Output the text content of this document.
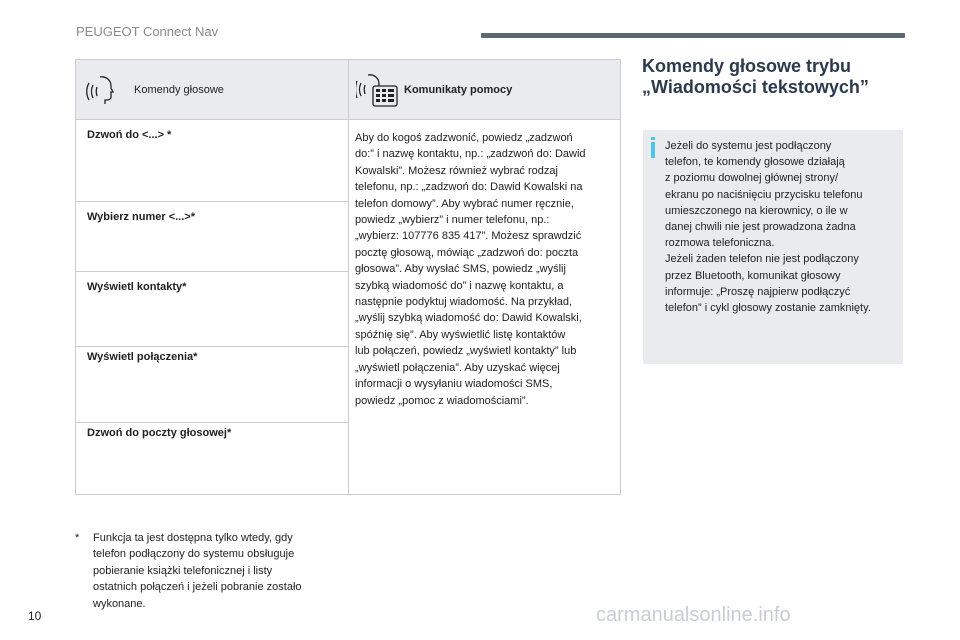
PEUGEOT Connect Nav
Komendy głosowe	Komunikaty pomocy
Dzwoń do <...> *
Wybierz numer <...>*
Wyświetl kontakty*
Wyświetl połączenia*
Dzwoń do poczty głosowej*
Aby do kogoś zadzwonić, powiedz „zadzwoń
do:” i nazwę kontaktu, np.: „zadzwoń do: Dawid
Kowalski”. Możesz również wybrać rodzaj
telefonu, np.: „zadzwoń do: Dawid Kowalski na
telefon domowy”. Aby wybrać numer ręcznie,
powiedz „wybierz” i numer telefonu, np.:
„wybierz: 107776 835 417”. Możesz sprawdzić
pocztę głosową, mówiąc „zadzwoń do: poczta
głosowa”. Aby wysłać SMS, powiedz „wyślij
szybką wiadomość do” i nazwę kontaktu, a
następnie podyktuj wiadomość. Na przykład,
„wyślij szybką wiadomość do: Dawid Kowalski,
spóźnię się”. Aby wyświetlić listę kontaktów
lub połączeń, powiedz „wyświetl kontakty” lub
„wyświetl połączenia”. Aby uzyskać więcej
informacji o wysyłaniu wiadomości SMS,
powiedz „pomoc z wiadomościami”.
*	Funkcja ta jest dostępna tylko wtedy, gdy
telefon podłączony do systemu obsługuje
pobieranie książki telefonicznej i listy
ostatnich połączeń i jeżeli pobranie zostało
wykonane.
Komendy głosowe trybu
„Wiadomości tekstowych”
Jeżeli do systemu jest podłączony
telefon, te komendy głosowe działają
z poziomu dowolnej głównej strony/
ekranu po naciśnięciu przycisku telefonu
umieszczonego na kierownicy, o ile w
danej chwili nie jest prowadzona żadna
rozmowa telefoniczna.
Jeżeli żaden telefon nie jest podłączony
przez Bluetooth, komunikat głosowy
informuje: „Proszę najpierw podłączyć
telefon” i cykl głosowy zostanie zamknięty.
10	carmanualsonline.info
